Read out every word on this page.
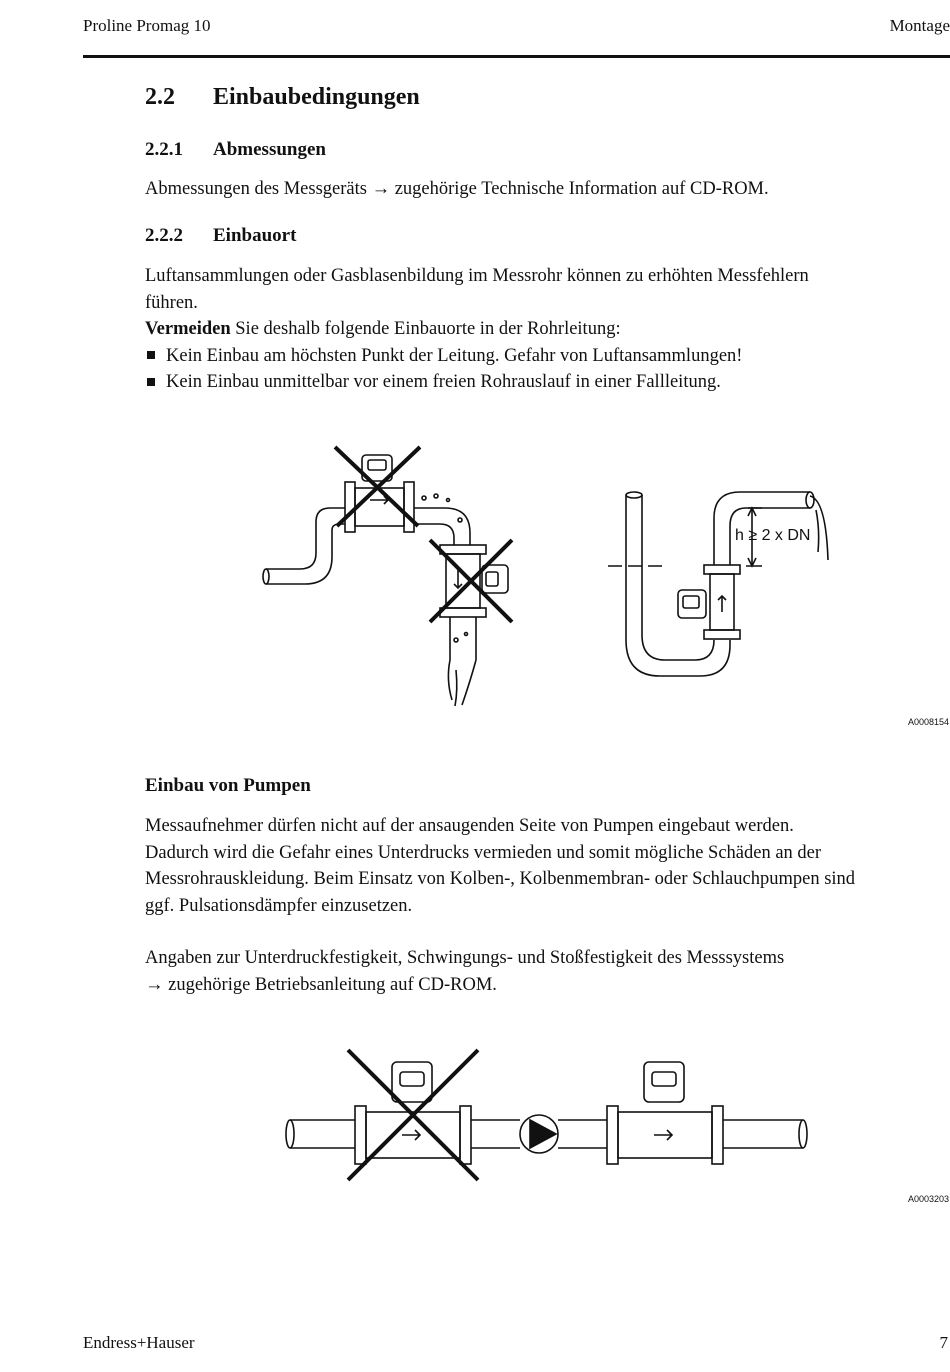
Proline Promag 10	Montage
2.2 Einbaubedingungen
2.2.1 Abmessungen
Abmessungen des Messgeräts → zugehörige Technische Information auf CD-ROM.
2.2.2 Einbauort

Luftansammlungen oder Gasblasenbildung im Messrohr können zu erhöhten Messfehlern

führen.

Vermeiden Sie deshalb folgende Einbauorte in der Rohrleitung:

Kein Einbau am höchsten Punkt der Leitung. Gefahr von Luftansammlungen!
Kein Einbau unmittelbar vor einem freien Rohrauslauf in einer Fallleitung.
h ≥ 2 x DN
A0008154
Einbau von Pumpen

Messaufnehmer dürfen nicht auf der ansaugenden Seite von Pumpen eingebaut werden.

Dadurch wird die Gefahr eines Unterdrucks vermieden und somit mögliche Schäden an der

Messrohrauskleidung. Beim Einsatz von Kolben-, Kolbenmembran- oder Schlauchpumpen sind

ggf. Pulsationsdämpfer einzusetzen.

Angaben zur Unterdruckfestigkeit, Schwingungs- und Stoßfestigkeit des Messsystems

→ zugehörige Betriebsanleitung auf CD-ROM.

A0003203
Endress+Hauser	7
